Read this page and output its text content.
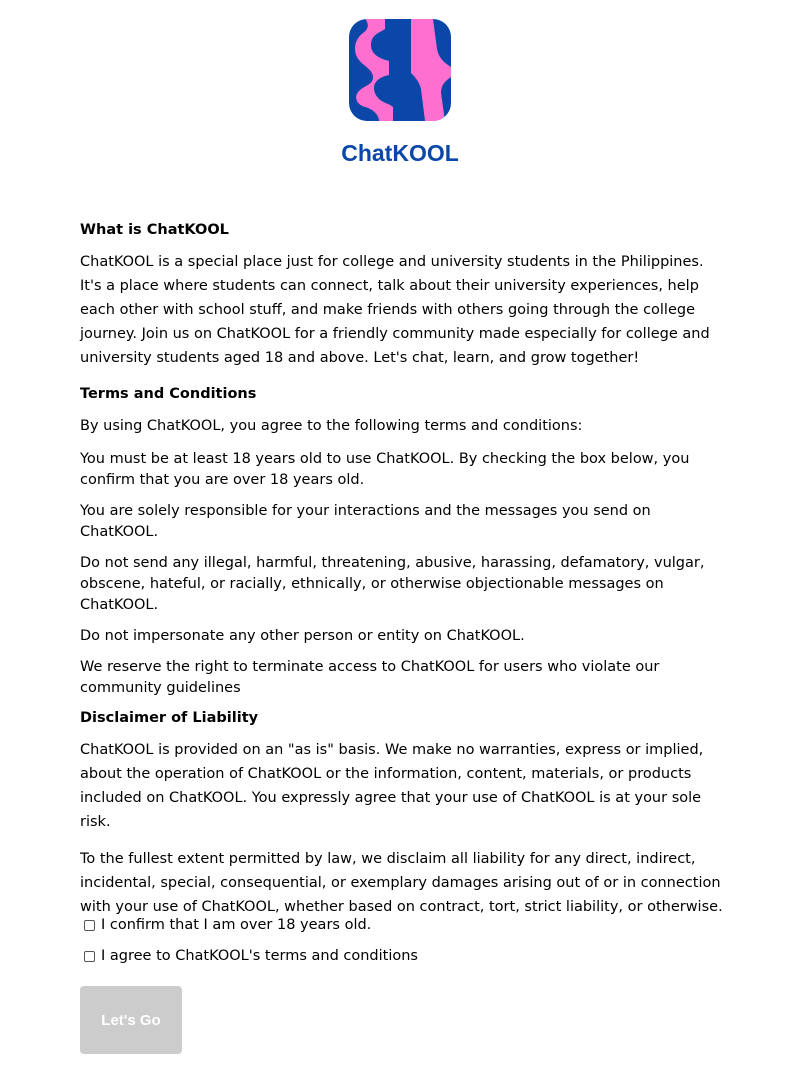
ChatKOOL
What is ChatKOOL

ChatKOOL is a special place just for college and university students in the Philippines. It's a place where students can connect, talk about their university experiences, help each other with school stuff, and make friends with others going through the college journey. Join us on ChatKOOL for a friendly community made especially for college and university students aged 18 and above. Let's chat, learn, and grow together!

Terms and Conditions

By using ChatKOOL, you agree to the following terms and conditions:

You must be at least 18 years old to use ChatKOOL. By checking the box below, you confirm that you are over 18 years old.

You are solely responsible for your interactions and the messages you send on ChatKOOL.

Do not send any illegal, harmful, threatening, abusive, harassing, defamatory, vulgar, obscene, hateful, or racially, ethnically, or otherwise objectionable messages on ChatKOOL.

Do not impersonate any other person or entity on ChatKOOL.

We reserve the right to terminate access to ChatKOOL for users who violate our community guidelines

Disclaimer of Liability

ChatKOOL is provided on an "as is" basis. We make no warranties, express or implied, about the operation of ChatKOOL or the information, content, materials, or products included on ChatKOOL. You expressly agree that your use of ChatKOOL is at your sole risk.

To the fullest extent permitted by law, we disclaim all liability for any direct, indirect, incidental, special, consequential, or exemplary damages arising out of or in connection with your use of ChatKOOL, whether based on contract, tort, strict liability, or otherwise.

I confirm that I am over 18 years old.
I agree to ChatKOOL's terms and conditions
Let's Go
